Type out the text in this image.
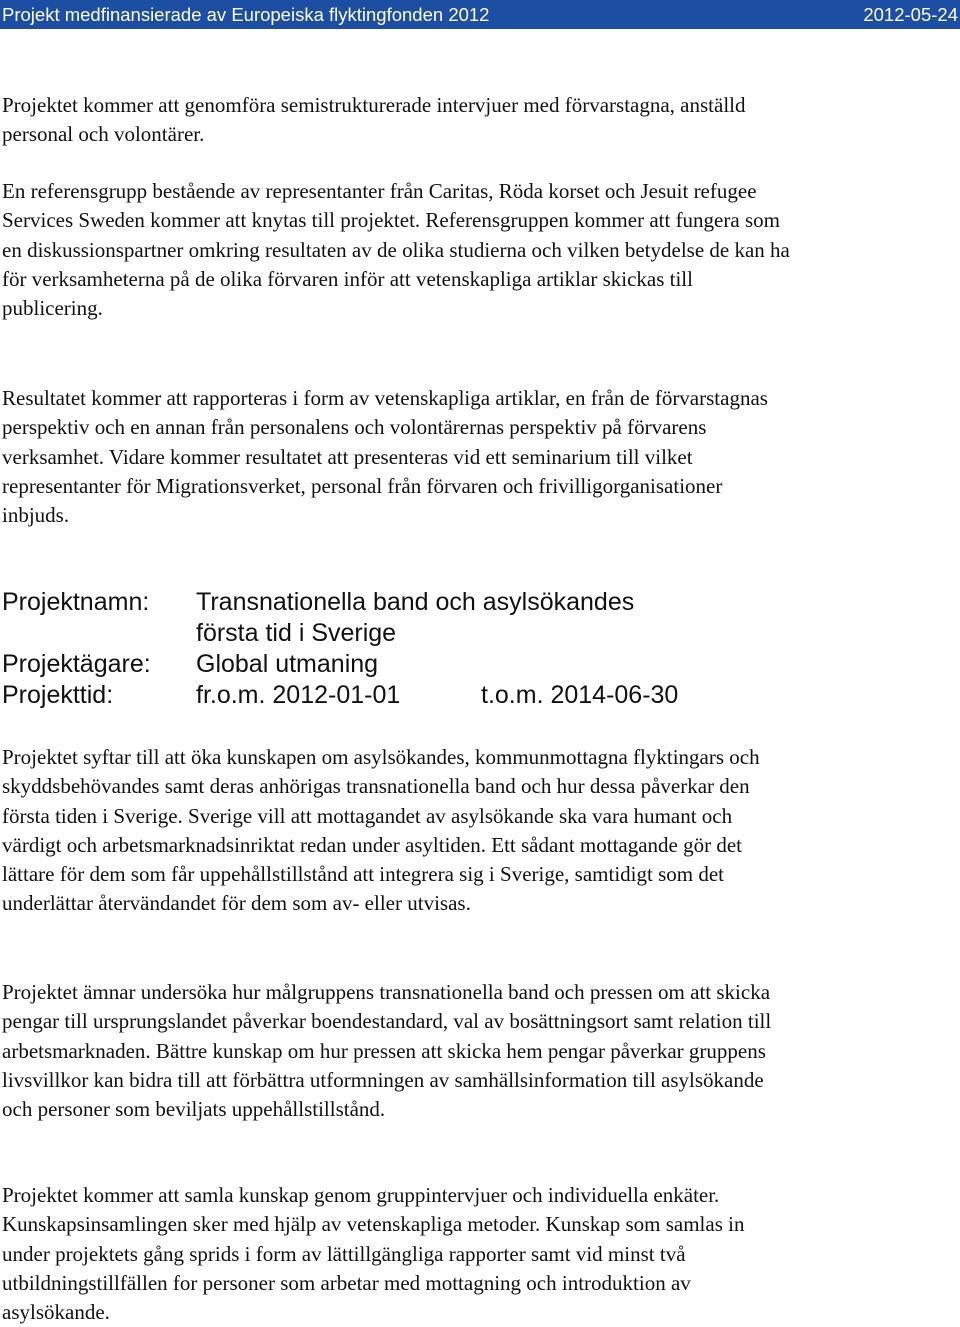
Projekt medfinansierade av Europeiska flyktingfonden 2012	2012-05-24

Projektet kommer att genomföra semistrukturerade intervjuer med förvarstagna, anställd personal och volontärer.

En referensgrupp bestående av representanter från Caritas, Röda korset och Jesuit refugee Services Sweden kommer att knytas till projektet. Referensgruppen kommer att fungera som en diskussionspartner omkring resultaten av de olika studierna och vilken betydelse de kan ha för verksamheterna på de olika förvaren inför att vetenskapliga artiklar skickas till publicering.

Resultatet kommer att rapporteras i form av vetenskapliga artiklar, en från de förvarstagnas perspektiv och en annan från personalens och volontärernas perspektiv på förvarens verksamhet. Vidare kommer resultatet att presenteras vid ett seminarium till vilket representanter för Migrationsverket, personal från förvaren och frivilligorganisationer inbjuds.

Projektnamn: Transnationella band och asylsökandes
första tid i Sverige
Projektägare: Global utmaning
Projekttid:	fr.o.m. 2012-01-01	t.o.m. 2014-06-30

Projektet syftar till att öka kunskapen om asylsökandes, kommunmottagna flyktingars och skyddsbehövandes samt deras anhörigas transnationella band och hur dessa påverkar den första tiden i Sverige. Sverige vill att mottagandet av asylsökande ska vara humant och värdigt och arbetsmarknadsinriktat redan under asyltiden. Ett sådant mottagande gör det lättare för dem som får uppehållstillstånd att integrera sig i Sverige, samtidigt som det underlättar återvändandet för dem som av- eller utvisas.

Projektet ämnar undersöka hur målgruppens transnationella band och pressen om att skicka pengar till ursprungslandet påverkar boendestandard, val av bosättningsort samt relation till arbetsmarknaden. Bättre kunskap om hur pressen att skicka hem pengar påverkar gruppens livsvillkor kan bidra till att förbättra utformningen av samhällsinformation till asylsökande och personer som beviljats uppehållstillstånd.

Projektet kommer att samla kunskap genom gruppintervjuer och individuella enkäter. Kunskapsinsamlingen sker med hjälp av vetenskapliga metoder. Kunskap som samlas in under projektets gång sprids i form av lättillgängliga rapporter samt vid minst två utbildningstillfällen for personer som arbetar med mottagning och introduktion av asylsökande.
